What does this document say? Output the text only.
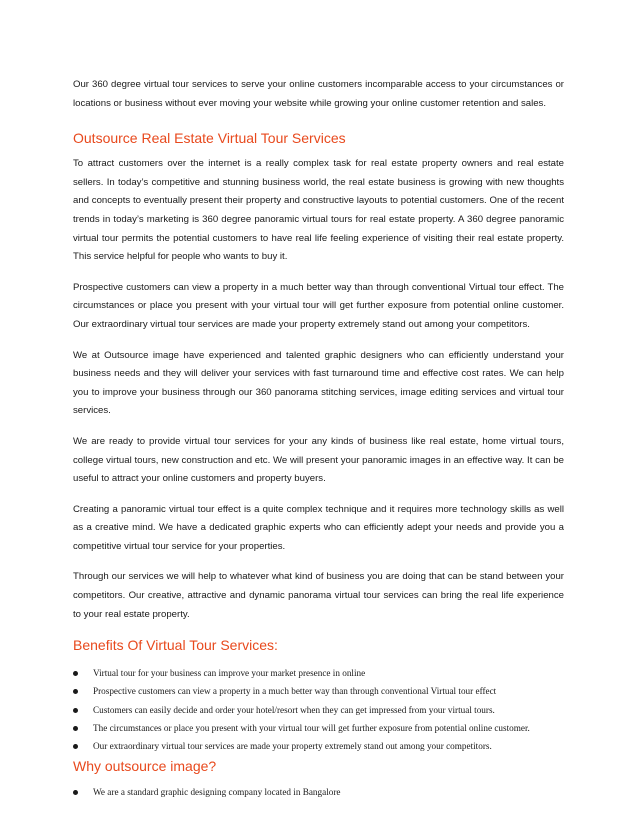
Our 360 degree virtual tour services to serve your online customers incomparable access to your circumstances or locations or business without ever moving your website while growing your online customer retention and sales.

Outsource Real Estate Virtual Tour Services

To attract customers over the internet is a really complex task for real estate property owners and real estate sellers. In today’s competitive and stunning business world, the real estate business is growing with new thoughts and concepts to eventually present their property and constructive layouts to potential customers. One of the recent trends in today’s marketing is 360 degree panoramic virtual tours for real estate property. A 360 degree panoramic virtual tour permits the potential customers to have real life feeling experience of visiting their real estate property. This service helpful for people who wants to buy it.

Prospective customers can view a property in a much better way than through conventional Virtual tour effect. The circumstances or place you present with your virtual tour will get further exposure from potential online customer. Our extraordinary virtual tour services are made your property extremely stand out among your competitors.

We at Outsource image have experienced and talented graphic designers who can efficiently understand your business needs and they will deliver your services with fast turnaround time and effective cost rates. We can help you to improve your business through our 360 panorama stitching services, image editing services and virtual tour services.

We are ready to provide virtual tour services for your any kinds of business like real estate, home virtual tours, college virtual tours, new construction and etc. We will present your panoramic images in an effective way. It can be useful to attract your online customers and property buyers.

Creating a panoramic virtual tour effect is a quite complex technique and it requires more technology skills as well as a creative mind. We have a dedicated graphic experts who can efficiently adept your needs and provide you a competitive virtual tour service for your properties.

Through our services we will help to whatever what kind of business you are doing that can be stand between your competitors. Our creative, attractive and dynamic panorama virtual tour services can bring the real life experience to your real estate property.

Benefits Of Virtual Tour Services:
Virtual tour for your business can improve your market presence in online
Prospective customers can view a property in a much better way than through conventional Virtual tour effect
Customers can easily decide and order your hotel/resort when they can get impressed from your virtual tours.
The circumstances or place you present with your virtual tour will get further exposure from potential online customer.
Our extraordinary virtual tour services are made your property extremely stand out among your competitors.
Why outsource image?
We are a standard graphic designing company located in Bangalore
